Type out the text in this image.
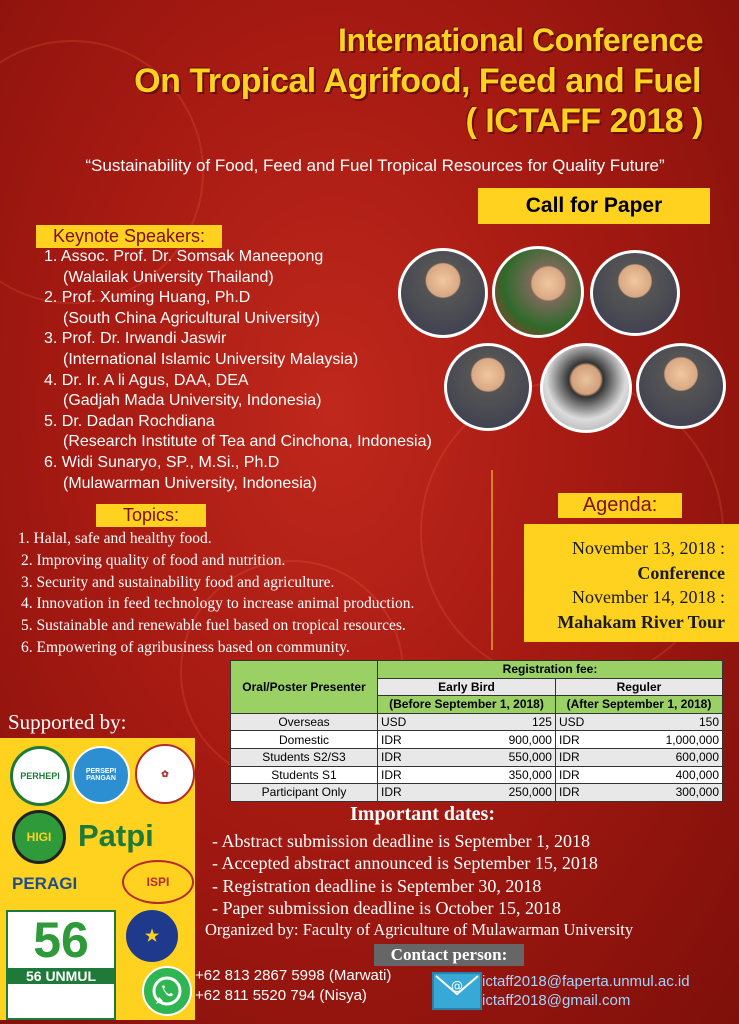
International Conference
On Tropical Agrifood, Feed and Fuel
( ICTAFF 2018 )
“Sustainability of Food, Feed and Fuel Tropical Resources for Quality Future”
Call for Paper
Keynote Speakers:
1. Assoc. Prof. Dr. Somsak Maneepong
(Walailak University Thailand)
2. Prof. Xuming Huang, Ph.D
(South China Agricultural University)
3. Prof. Dr. Irwandi Jaswir
(International Islamic University Malaysia)
4. Dr. Ir. A li Agus, DAA, DEA
(Gadjah Mada University, Indonesia)
5. Dr. Dadan Rochdiana
(Research Institute of Tea and Cinchona, Indonesia)
6. Widi Sunaryo, SP., M.Si., Ph.D
(Mulawarman University, Indonesia)
Topics:
1. Halal, safe and healthy food.
2. Improving quality of food and nutrition.
3. Security and sustainability food and agriculture.
4. Innovation in feed technology to increase animal production.
5. Sustainable and renewable fuel based on tropical resources.
6. Empowering of agribusiness based on community.
Agenda:
November 13, 2018 :
Conference
November 14, 2018 :
Mahakam River Tour
Oral/Poster Presenter	Registration fee:			
	Early Bird		Reguler	
	(Before September 1, 2018)		(After September 1, 2018)	
Overseas	USD	125	USD	150
Domestic	IDR	900,000	IDR	1,000,000
Students S2/S3	IDR	550,000	IDR	600,000
Students S1	IDR	350,000	IDR	400,000
Participant Only	IDR	250,000	IDR	300,000
Supported by:
PERHEPI	PERSEPI PANGAN	✿
HIGI Patpi
PERAGI	ISPI
★
56
56 UNMUL
Important dates:
- Abstract submission deadline is September 1, 2018
- Accepted abstract announced is September 15, 2018
- Registration deadline is September 30, 2018
- Paper submission deadline is October 15, 2018
Organized by: Faculty of Agriculture of Mulawarman University
Contact person:
+62 813 2867 5998 (Marwati)
+62 811 5520 794 (Nisya)
@ ictaff2018@faperta.unmul.ac.id
ictaff2018@gmail.com
